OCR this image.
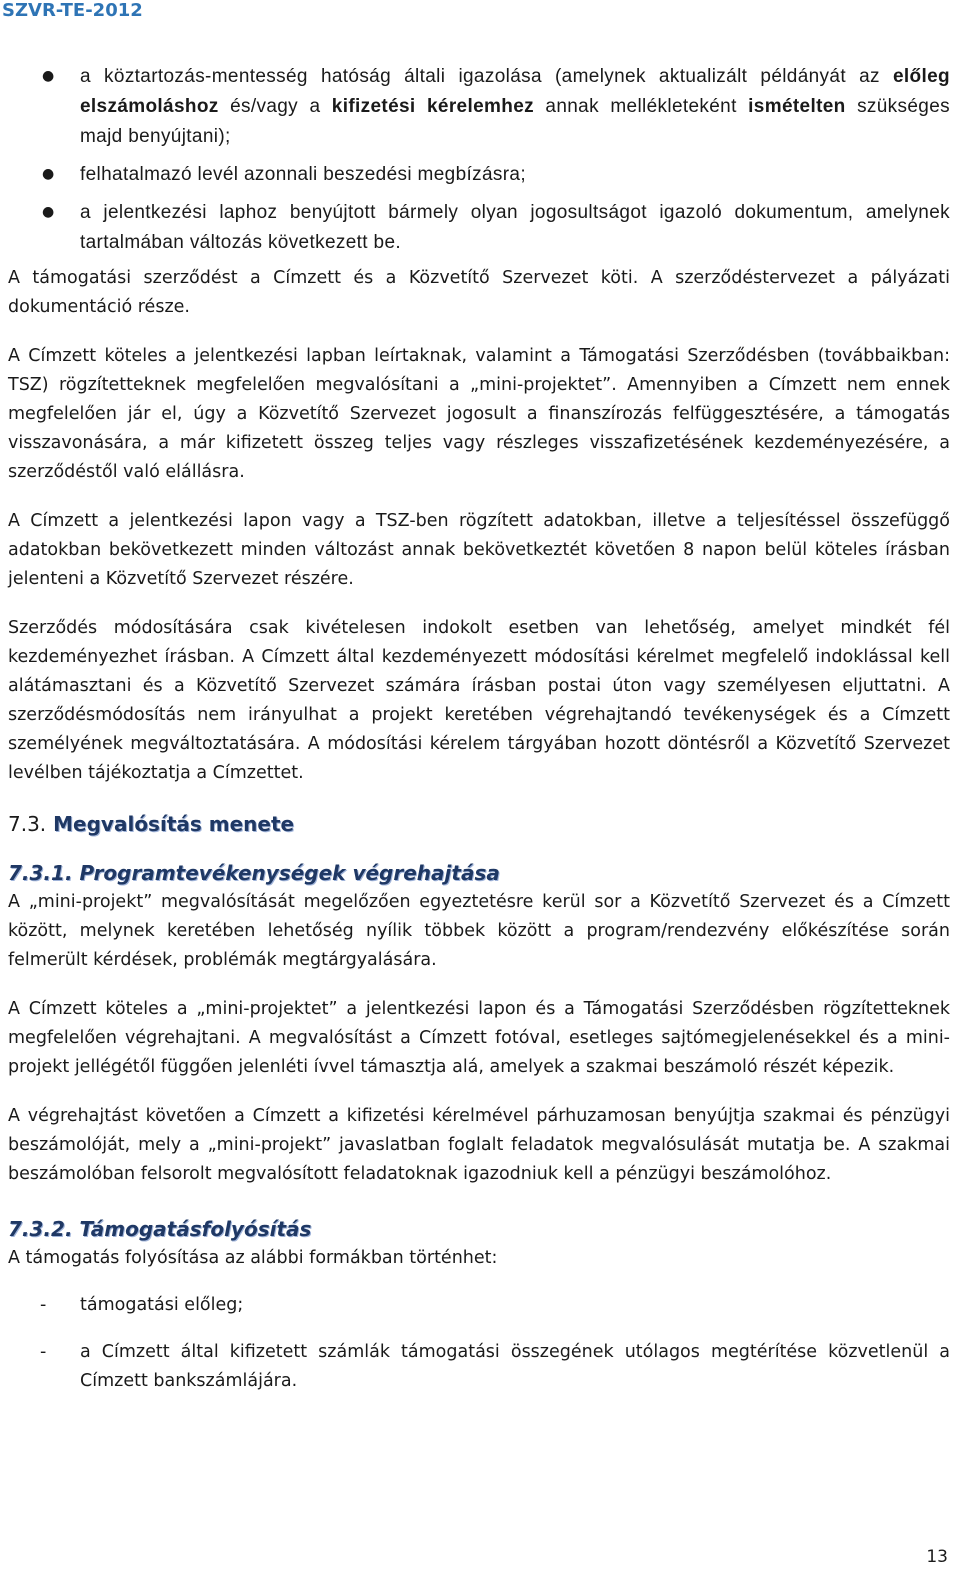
SZVR-TE-2012
● a köztartozás-mentesség hatóság általi igazolása (amelynek aktualizált példányát az előleg elszámoláshoz és/vagy a kifizetési kérelemhez annak mellékleteként ismételten szükséges majd benyújtani);
● felhatalmazó levél azonnali beszedési megbízásra;
● a jelentkezési laphoz benyújtott bármely olyan jogosultságot igazoló dokumentum, amelynek tartalmában változás következett be.

A támogatási szerződést a Címzett és a Közvetítő Szervezet köti. A szerződéstervezet a pályázati dokumentáció része.

A Címzett köteles a jelentkezési lapban leírtaknak, valamint a Támogatási Szerződésben (továbbaikban: TSZ) rögzítetteknek megfelelően megvalósítani a „mini-projektet”. Amennyiben a Címzett nem ennek megfelelően jár el, úgy a Közvetítő Szervezet jogosult a finanszírozás felfüggesztésére, a támogatás visszavonására, a már kifizetett összeg teljes vagy részleges visszafizetésének kezdeményezésére, a szerződéstől való elállásra.

A Címzett a jelentkezési lapon vagy a TSZ-ben rögzített adatokban, illetve a teljesítéssel összefüggő adatokban bekövetkezett minden változást annak bekövetkeztét követően 8 napon belül köteles írásban jelenteni a Közvetítő Szervezet részére.

Szerződés módosítására csak kivételesen indokolt esetben van lehetőség, amelyet mindkét fél kezdeményezhet írásban. A Címzett által kezdeményezett módosítási kérelmet megfelelő indoklással kell alátámasztani és a Közvetítő Szervezet számára írásban postai úton vagy személyesen eljuttatni. A szerződésmódosítás nem irányulhat a projekt keretében végrehajtandó tevékenységek és a Címzett személyének megváltoztatására. A módosítási kérelem tárgyában hozott döntésről a Közvetítő Szervezet levélben tájékoztatja a Címzettet.

7.3. Megvalósítás menete

7.3.1. Programtevékenységek végrehajtása

A „mini-projekt” megvalósítását megelőzően egyeztetésre kerül sor a Közvetítő Szervezet és a Címzett között, melynek keretében lehetőség nyílik többek között a program/rendezvény előkészítése során felmerült kérdések, problémák megtárgyalására.

A Címzett köteles a „mini-projektet” a jelentkezési lapon és a Támogatási Szerződésben rögzítetteknek megfelelően végrehajtani. A megvalósítást a Címzett fotóval, esetleges sajtómegjelenésekkel és a mini-projekt jellégétől függően jelenléti ívvel támasztja alá, amelyek a szakmai beszámoló részét képezik.

A végrehajtást követően a Címzett a kifizetési kérelmével párhuzamosan benyújtja szakmai és pénzügyi beszámolóját, mely a „mini-projekt” javaslatban foglalt feladatok megvalósulását mutatja be. A szakmai beszámolóban felsorolt megvalósított feladatoknak igazodniuk kell a pénzügyi beszámolóhoz.

7.3.2. Támogatásfolyósítás

A támogatás folyósítása az alábbi formákban történhet:

- támogatási előleg;
- a Címzett által kifizetett számlák támogatási összegének utólagos megtérítése közvetlenül a Címzett bankszámlájára.
13
